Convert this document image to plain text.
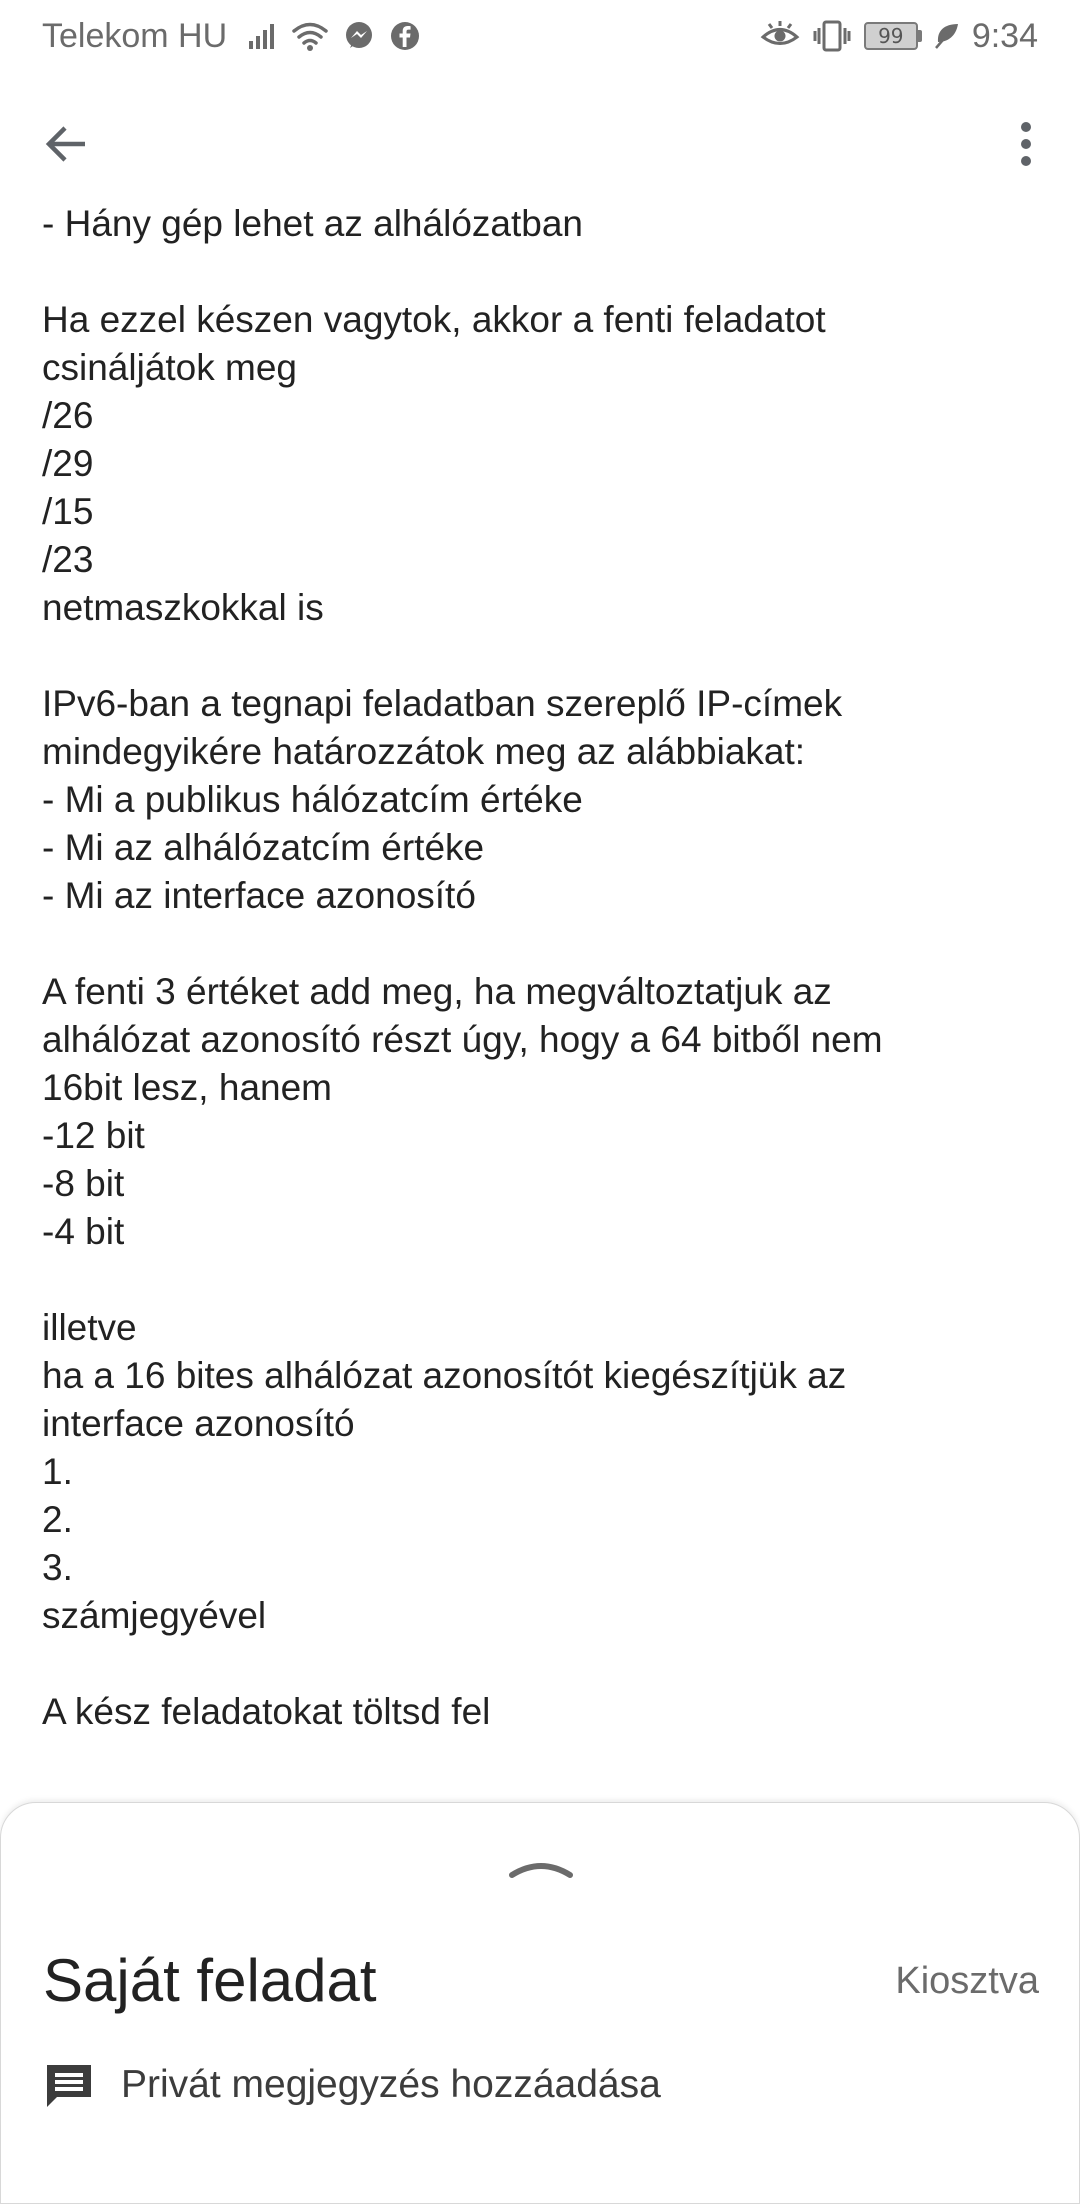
Telekom HU	99	9:34
- Hány gép lehet az alhálózatban
Ha ezzel készen vagytok, akkor a fenti feladatot
csináljátok meg
/26
/29
/15
/23
netmaszkokkal is
IPv6-ban a tegnapi feladatban szereplő IP-címek
mindegyikére határozzátok meg az alábbiakat:
- Mi a publikus hálózatcím értéke
- Mi az alhálózatcím értéke
- Mi az interface azonosító
A fenti 3 értéket add meg, ha megváltoztatjuk az
alhálózat azonosító részt úgy, hogy a 64 bitből nem
16bit lesz, hanem
-12 bit
-8 bit
-4 bit
illetve
ha a 16 bites alhálózat azonosítót kiegészítjük az
interface azonosító
1.
2.
3.
számjegyével
A kész feladatokat töltsd fel
Saját feladat	Kiosztva
Privát megjegyzés hozzáadása
